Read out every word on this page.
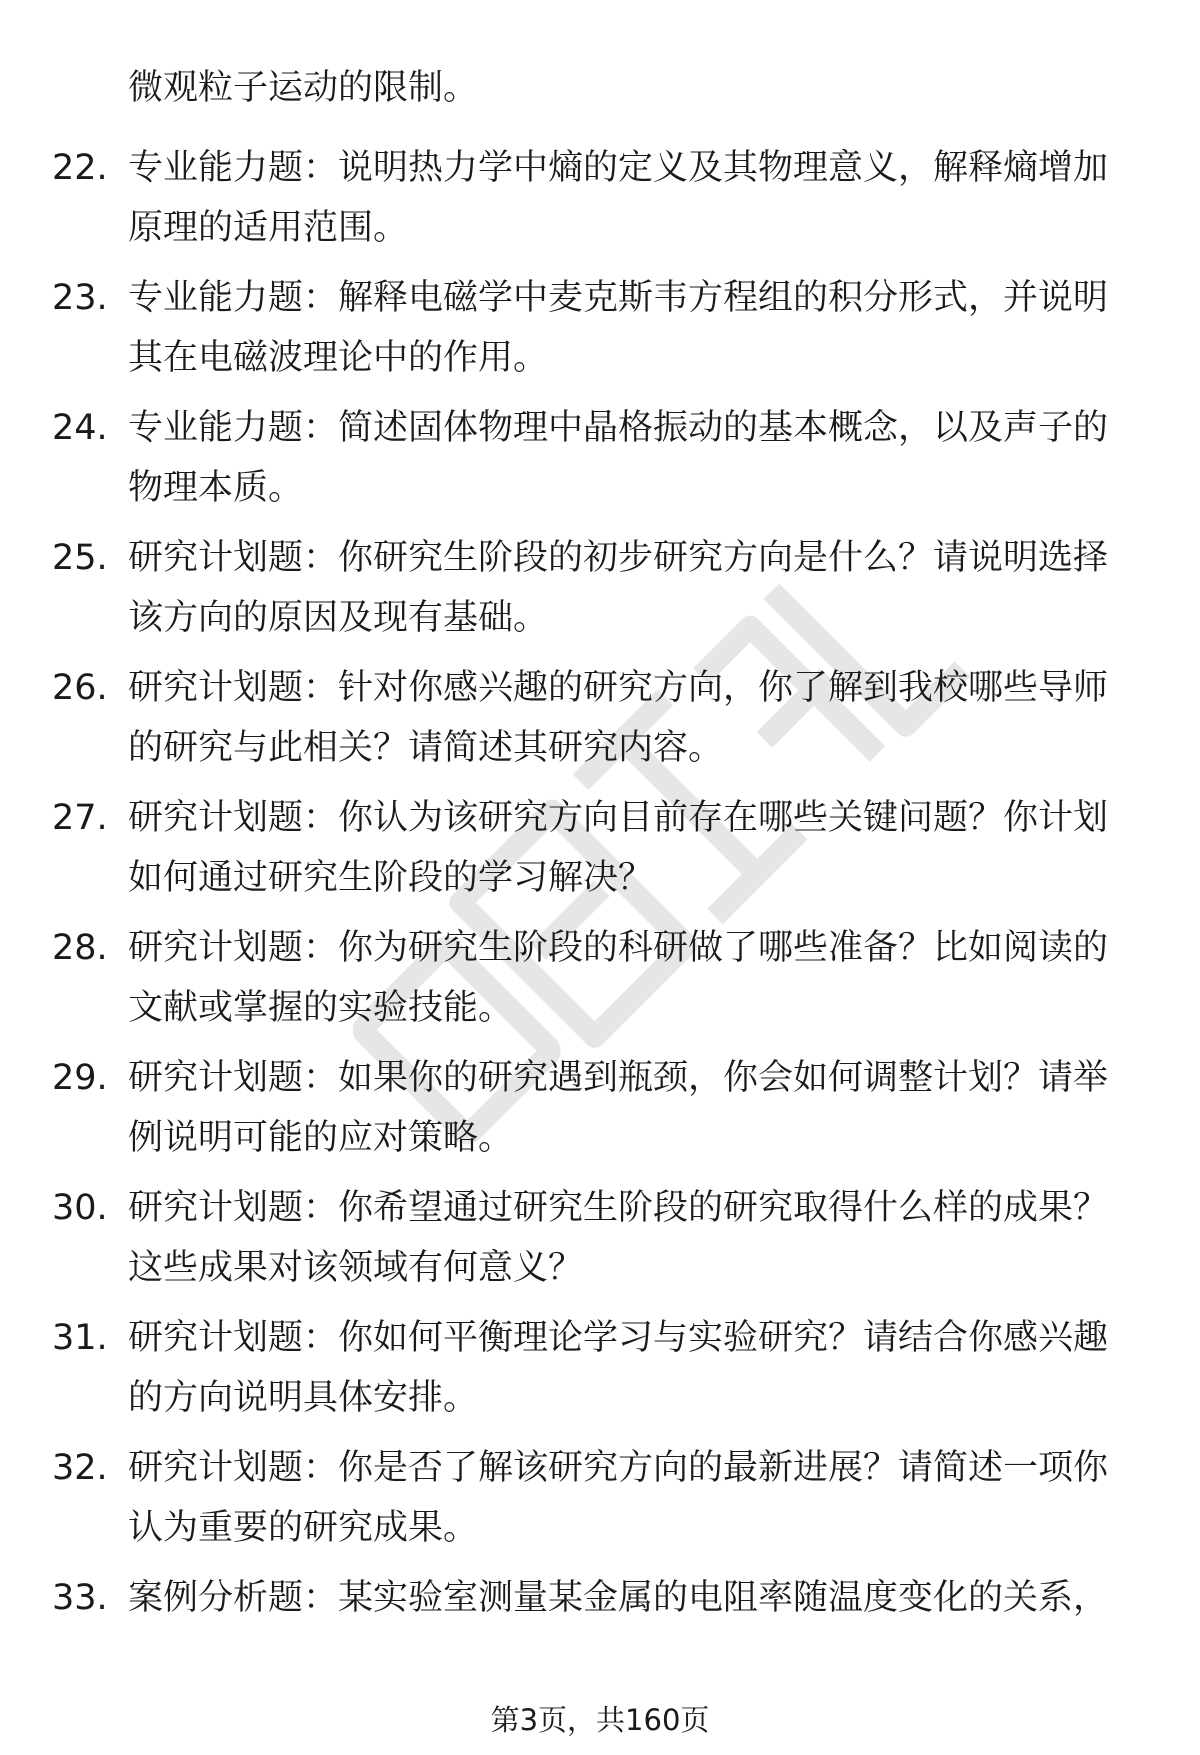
微观粒子运动的限制。
22. 专业能力题：说明热力学中熵的定义及其物理意义，解释熵增加
原理的适用范围。
23. 专业能力题：解释电磁学中麦克斯韦方程组的积分形式，并说明
其在电磁波理论中的作用。
24. 专业能力题：简述固体物理中晶格振动的基本概念，以及声子的
物理本质。
25. 研究计划题：你研究生阶段的初步研究方向是什么？请说明选择
该方向的原因及现有基础。
26. 研究计划题：针对你感兴趣的研究方向，你了解到我校哪些导师
的研究与此相关？请简述其研究内容。
27. 研究计划题：你认为该研究方向目前存在哪些关键问题？你计划
如何通过研究生阶段的学习解决？
28. 研究计划题：你为研究生阶段的科研做了哪些准备？比如阅读的
文献或掌握的实验技能。
29. 研究计划题：如果你的研究遇到瓶颈，你会如何调整计划？请举
例说明可能的应对策略。
30. 研究计划题：你希望通过研究生阶段的研究取得什么样的成果？
这些成果对该领域有何意义？
31. 研究计划题：你如何平衡理论学习与实验研究？请结合你感兴趣
的方向说明具体安排。
32. 研究计划题：你是否了解该研究方向的最新进展？请简述一项你
认为重要的研究成果。
33. 案例分析题：某实验室测量某金属的电阻率随温度变化的关系，
第3页，共160页
